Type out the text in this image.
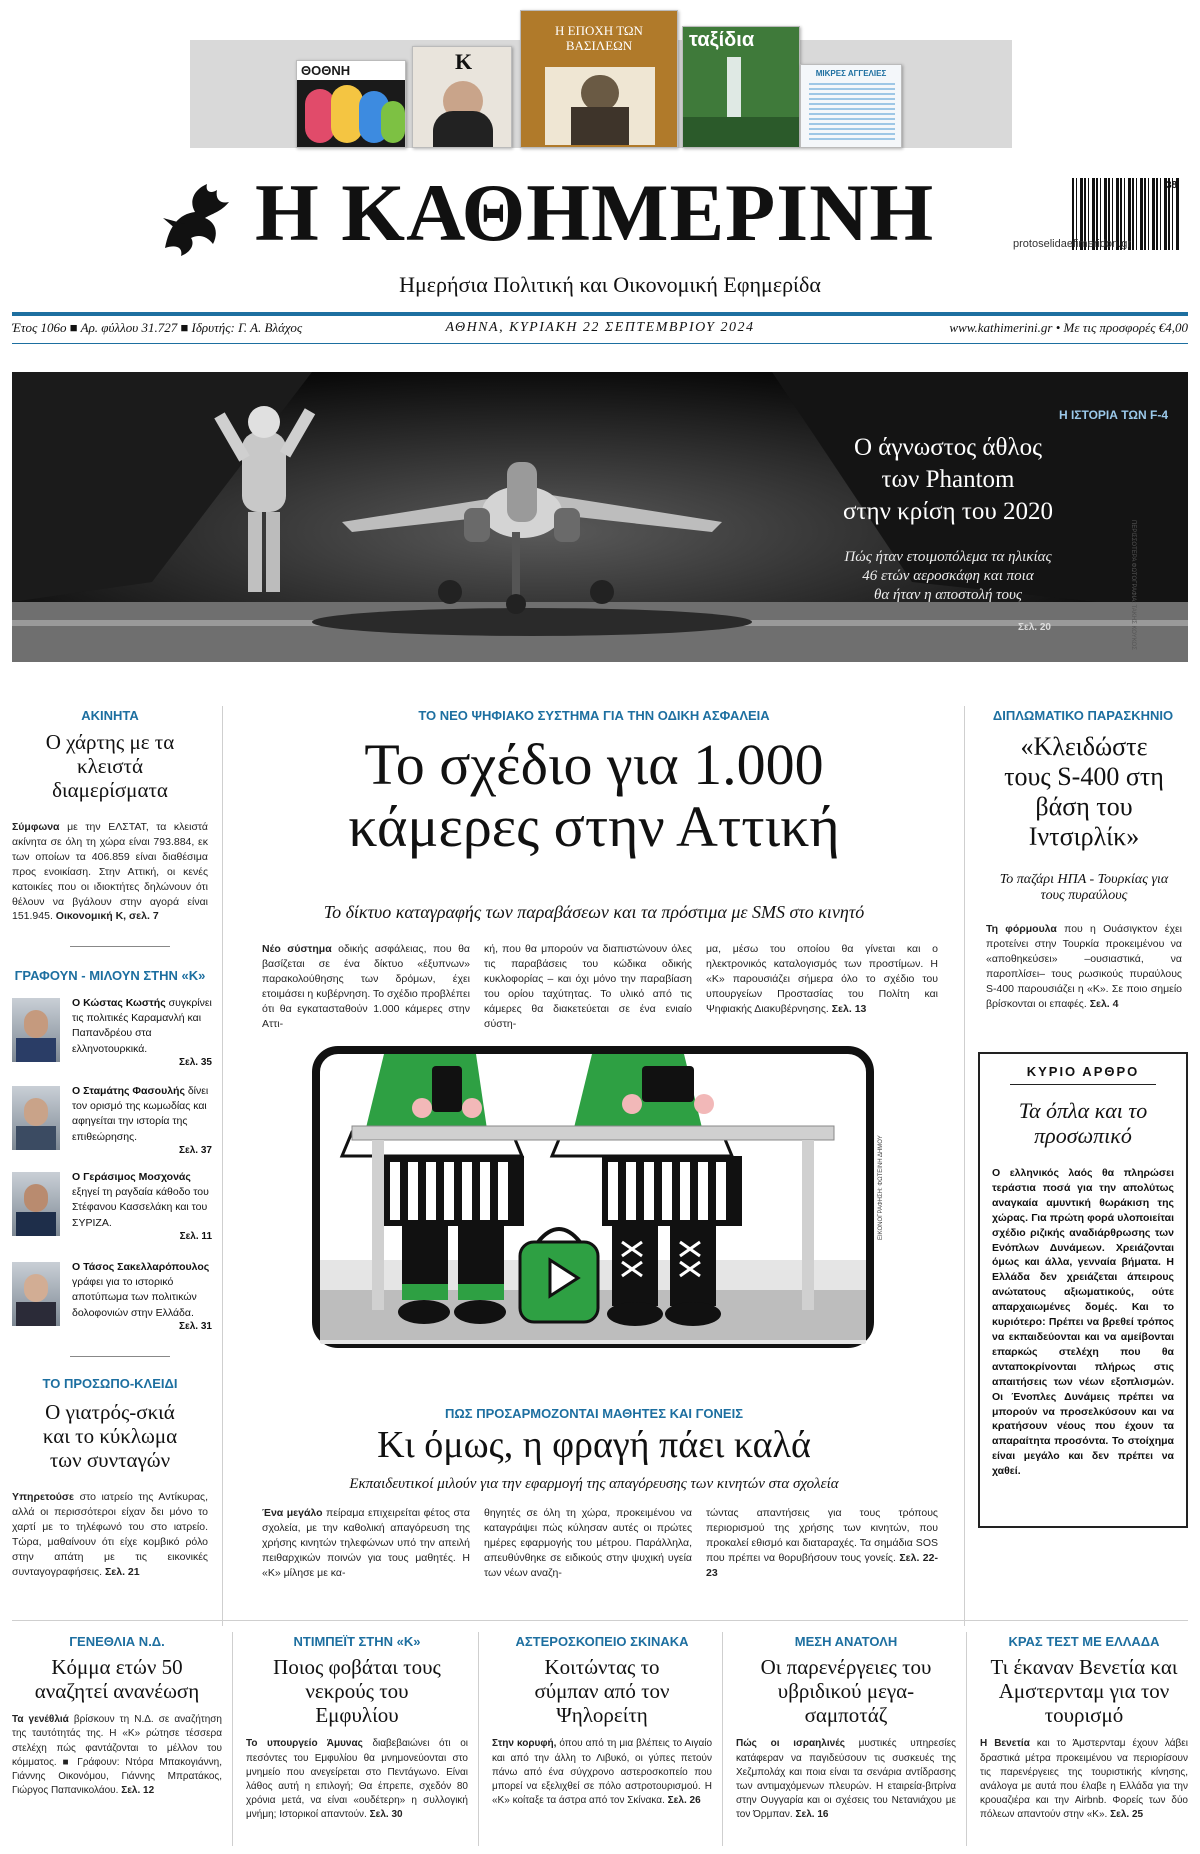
ΘΟΘΝΗ	K
Η ΕΠΟΧΗ ΤΩΝ ΒΑΣΙΛΕΩΝ	ταξίδια
ΜΙΚΡΕΣ ΑΓΓΕΛΙΕΣ
Η ΚΑΘΗΜΕΡΙΝΗ	38
protoselidaefimeridon.gr
Ημερήσια Πολιτική και Οικονομική Εφημερίδα
Έτος 106ο ■ Αρ. φύλλου 31.727 ■ Ιδρυτής: Γ. Α. Βλάχος	ΑΘΗΝΑ, ΚΥΡΙΑΚΗ 22 ΣΕΠΤΕΜΒΡΙΟΥ 2024	www.kathimerini.gr • Με τις προσφορές €4,00
Η ΙΣΤΟΡΙΑ ΤΩΝ F-4
Ο άγνωστος άθλος
των Phantom
στην κρίση του 2020
Πώς ήταν ετοιμοπόλεμα τα ηλικίας
46 ετών αεροσκάφη και ποια
θα ήταν η αποστολή τους
Σελ. 20	ΠΕΡΙΣΣΟΤΕΡΑ ΦΩΤΟΓΡΑΦΙΑ: ΤΑΚΗΣ ΚΟΥΚΟΣ
ΑΚΙΝΗΤΑ
Ο χάρτης με τα κλειστά διαμερίσματα
Σύμφωνα με την ΕΛΣΤΑΤ, τα κλειστά ακίνητα σε όλη τη χώρα είναι 793.884, εκ των οποίων τα 406.859 είναι διαθέσιμα προς ενοικίαση. Στην Αττική, οι κενές κατοικίες που οι ιδιοκτήτες δηλώνουν ότι θέλουν να βγάλουν στην αγορά είναι 151.945. Οικονομική Κ, σελ. 7
ΓΡΑΦΟΥΝ - ΜΙΛΟΥΝ ΣΤΗΝ «Κ»
Ο Κώστας Κωστής συγκρίνει τις πολιτικές Καραμανλή και Παπανδρέου στα ελληνοτουρκικά.
Σελ. 35
Ο Σταμάτης Φασουλής δίνει τον ορισμό της κωμωδίας και αφηγείται την ιστορία της επιθεώρησης.
Σελ. 37
Ο Γεράσιμος Μοσχονάς εξηγεί τη ραγδαία κάθοδο του Στέφανου Κασσελάκη και του ΣΥΡΙΖΑ.
Σελ. 11
Ο Τάσος Σακελλαρόπουλος γράφει για το ιστορικό αποτύπωμα των πολιτικών δολοφονιών στην Ελλάδα.
Σελ. 31
ΤΟ ΠΡΟΣΩΠΟ-ΚΛΕΙΔΙ
Ο γιατρός-σκιά και το κύκλωμα των συνταγών
Υπηρετούσε στο ιατρείο της Αντίκυρας, αλλά οι περισσότεροι είχαν δει μόνο το χαρτί με το τηλέφωνό του στο ιατρείο. Τώρα, μαθαίνουν ότι είχε κομβικό ρόλο στην απάτη με τις εικονικές συνταγογραφήσεις. Σελ. 21
ΤΟ ΝΕΟ ΨΗΦΙΑΚΟ ΣΥΣΤΗΜΑ ΓΙΑ ΤΗΝ ΟΔΙΚΗ ΑΣΦΑΛΕΙΑ
Το σχέδιο για 1.000
κάμερες στην Αττική
Το δίκτυο καταγραφής των παραβάσεων και τα πρόστιμα με SMS στο κινητό
Νέο σύστημα οδικής ασφάλειας, που θα βασίζεται σε ένα δίκτυο «έξυπνων» παρακολούθησης των δρόμων, έχει ετοιμάσει η κυβέρνηση. Το σχέδιο προβλέπει ότι θα εγκατασταθούν 1.000 κάμερες στην Αττι-
κή, που θα μπορούν να διαπιστώνουν όλες τις παραβάσεις του κώδικα οδικής κυκλοφορίας – και όχι μόνο την παραβίαση του ορίου ταχύτητας. Το υλικό από τις κάμερες θα διακετεύεται σε ένα ενιαίο σύστη-
μα, μέσω του οποίου θα γίνεται και ο ηλεκτρονικός καταλογισμός των προστίμων. Η «Κ» παρουσιάζει σήμερα όλο το σχέδιο του υπουργείων Προστασίας του Πολίτη και Ψηφιακής Διακυβέρνησης. Σελ. 13
ΕΙΚΟΝΟΓΡΑΦΗΣΗ: ΦΩΤΕΙΝΗ ΔΗΜΟΥ
ΠΩΣ ΠΡΟΣΑΡΜΟΖΟΝΤΑΙ ΜΑΘΗΤΕΣ ΚΑΙ ΓΟΝΕΙΣ
Κι όμως, η φραγή πάει καλά
Εκπαιδευτικοί μιλούν για την εφαρμογή της απαγόρευσης των κινητών στα σχολεία
Ένα μεγάλο πείραμα επιχειρείται φέτος στα σχολεία, με την καθολική απαγόρευση της χρήσης κινητών τηλεφώνων υπό την απειλή πειθαρχικών ποινών για τους μαθητές. Η «Κ» μίλησε με κα-
θηγητές σε όλη τη χώρα, προκειμένου να καταγράψει πώς κύλησαν αυτές οι πρώτες ημέρες εφαρμογής του μέτρου. Παράλληλα, απευθύνθηκε σε ειδικούς στην ψυχική υγεία των νέων αναζη-
τώντας απαντήσεις για τους τρόπους περιορισμού της χρήσης των κινητών, που προκαλεί εθισμό και διαταραχές. Τα σημάδια SOS που πρέπει να θορυβήσουν τους γονείς. Σελ. 22-23
ΔΙΠΛΩΜΑΤΙΚΟ ΠΑΡΑΣΚΗΝΙΟ
«Κλειδώστε τους S-400 στη βάση του Ιντσιρλίκ»
Το παζάρι ΗΠΑ - Τουρκίας για τους πυραύλους
Τη φόρμουλα που η Ουάσιγκτον έχει προτείνει στην Τουρκία προκειμένου να «αποθηκεύσει» –ουσιαστικά, να παροπλίσει– τους ρωσικούς πυραύλους S-400 παρουσιάζει η «Κ». Σε ποιο σημείο βρίσκονται οι επαφές. Σελ. 4
ΚΥΡΙΟ ΑΡΘΡΟ
Τα όπλα και το προσωπικό
Ο ελληνικός λαός θα πληρώσει τεράστια ποσά για την απολύτως αναγκαία αμυντική θωράκιση της χώρας. Για πρώτη φορά υλοποιείται σχέδιο ριζικής αναδιάρθρωσης των Ενόπλων Δυνάμεων. Χρειάζονται όμως και άλλα, γενναία βήματα. Η Ελλάδα δεν χρειάζεται άπειρους ανώτατους αξιωματικούς, ούτε απαρχαιωμένες δομές. Και το κυριότερο: Πρέπει να βρεθεί τρόπος να εκπαιδεύονται και να αμείβονται επαρκώς στελέχη που θα ανταποκρίνονται πλήρως στις απαιτήσεις των νέων εξοπλισμών. Οι Ένοπλες Δυνάμεις πρέπει να μπορούν να προσελκύσουν και να κρατήσουν νέους που έχουν τα απαραίτητα προσόντα. Το στοίχημα είναι μεγάλο και δεν πρέπει να χαθεί.
ΓΕΝΕΘΛΙΑ Ν.Δ.
Κόμμα ετών 50 αναζητεί ανανέωση
Τα γενέθλιά βρίσκουν τη Ν.Δ. σε αναζήτηση της ταυτότητάς της. Η «Κ» ρώτησε τέσσερα στελέχη πώς φαντάζονται το μέλλον του κόμματος. ■ Γράφουν: Ντόρα Μπακογιάννη, Γιάννης Οικονόμου, Γιάννης Μπρατάκος, Γιώργος Παπανικολάου. Σελ. 12
ΝΤΙΜΠΕΪΤ ΣΤΗΝ «Κ»
Ποιος φοβάται τους νεκρούς του Εμφυλίου
Το υπουργείο Άμυνας διαβεβαιώνει ότι οι πεσόντες του Εμφυλίου θα μνημονεύονται στο μνημείο που ανεγείρεται στο Πεντάγωνο. Είναι λάθος αυτή η επιλογή; Θα έπρεπε, σχεδόν 80 χρόνια μετά, να είναι «ουδέτερη» η συλλογική μνήμη; Ιστορικοί απαντούν. Σελ. 30
ΑΣΤΕΡΟΣΚΟΠΕΙΟ ΣΚΙΝΑΚΑ
Κοιτώντας το σύμπαν από τον Ψηλορείτη
Στην κορυφή, όπου από τη μια βλέπεις το Αιγαίο και από την άλλη το Λιβυκό, οι γύπες πετούν πάνω από ένα σύγχρονο αστεροσκοπείο που μπορεί να εξελιχθεί σε πόλο αστροτουρισμού. Η «Κ» κοίταξε τα άστρα από τον Σκίνακα. Σελ. 26
ΜΕΣΗ ΑΝΑΤΟΛΗ
Οι παρενέργειες του υβριδικού μεγα-σαμποτάζ
Πώς οι ισραηλινές μυστικές υπηρεσίες κατάφεραν να παγιδεύσουν τις συσκευές της Χεζμπολάχ και ποια είναι τα σενάρια αντίδρασης των αντιμαχόμενων πλευρών. Η εταιρεία-βιτρίνα στην Ουγγαρία και οι σχέσεις του Νετανιάχου με τον Όρμπαν. Σελ. 16
ΚΡΑΣ ΤΕΣΤ ΜΕ ΕΛΛΑΔΑ
Τι έκαναν Βενετία και Αμστερνταμ για τον τουρισμό
Η Βενετία και το Άμστερνταμ έχουν λάβει δραστικά μέτρα προκειμένου να περιορίσουν τις παρενέργειες της τουριστικής κίνησης, ανάλογα με αυτά που έλαβε η Ελλάδα για την κρουαζιέρα και την Airbnb. Φορείς των δύο πόλεων απαντούν στην «Κ». Σελ. 25
